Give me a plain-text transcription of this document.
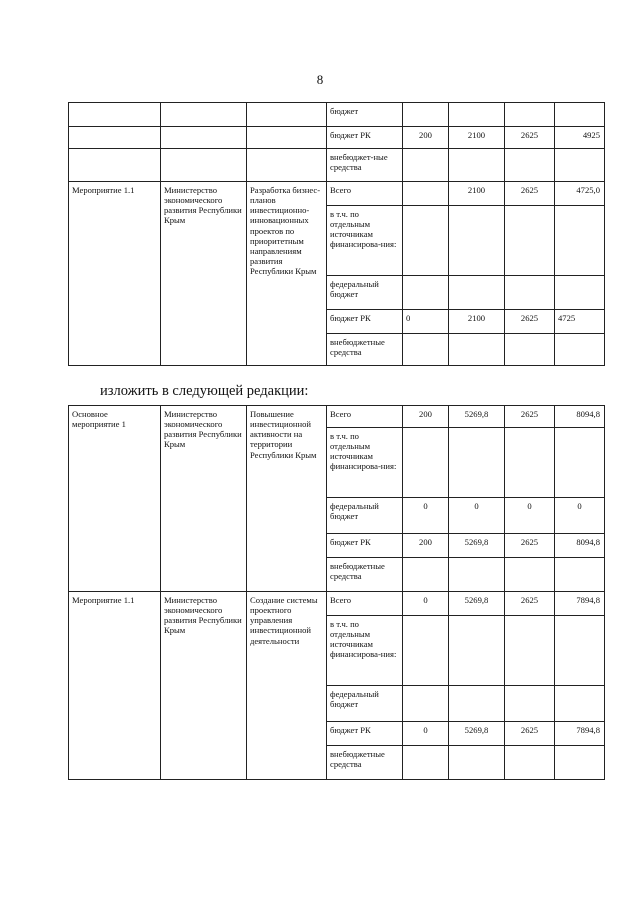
8
			бюджет				
			бюджет РК	200	2100	2625	4925
			внебюджет-ные средства				
Мероприятие 1.1	Министерство экономического развития Республики Крым	Разработка бизнес-планов инвестиционно-инновационных проектов по приоритетным направлениям развития Республики Крым	Всего		2100	2625	4725,0
			в т.ч. по отдельным источникам финансирова-ния:				
			федеральный бюджет				
			бюджет РК	0	2100	2625	4725
			внебюджетные средства				
изложить в следующей редакции:
Основное мероприятие 1	Министерство экономического развития Республики Крым	Повышение инвестиционной активности на территории Республики Крым	Всего	200	5269,8	2625	8094,8
			в т.ч. по отдельным источникам финансирова-ния:				
			федеральный бюджет	0	0	0	0
			бюджет РК	200	5269,8	2625	8094,8
			внебюджетные средства				
Мероприятие 1.1	Министерство экономического развития Республики Крым	Создание системы проектного управления инвестиционной деятельности	Всего	0	5269,8	2625	7894,8
			в т.ч. по отдельным источникам финансирова-ния:				
			федеральный бюджет				
			бюджет РК	0	5269,8	2625	7894,8
			внебюджетные средства				
